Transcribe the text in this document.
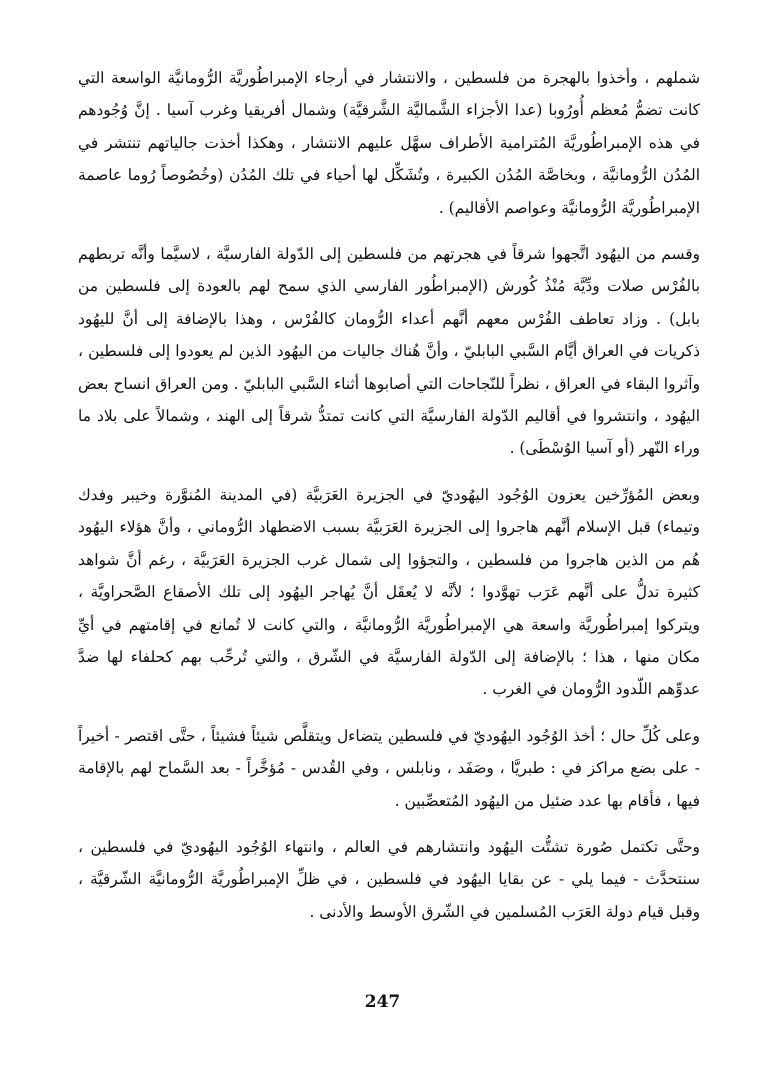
شملهم ، وأخذوا بالهجرة من فلسطين ، والانتشار في أرجاء الإمبراطُوريَّة الرُّومانيَّة الواسعة التي كانت تضمُّ مُعظم أُورُوبا (عدا الأجزاء الشَّماليَّة الشَّرقيَّة) وشمال أفريقيا وغرب آسيا . إنَّ وُجُودهم في هذه الإمبراطُوريَّة المُترامية الأطراف سهَّل عليهم الانتشار ، وهكذا أخذت جالياتهم تنتشر في المُدُن الرُّومانيَّة ، وبخاصَّة المُدُن الكبيرة ، وتُشَكِّل لها أحياء في تلك المُدُن (وخُصُوصاً رُوما عاصمة الإمبراطُوريَّة الرُّومانيَّة وعواصم الأقاليم) .

وقسم من اليهُود اتَّجهوا شرقاً في هجرتهم من فلسطين إلى الدّولة الفارسيَّة ، لاسيَّما وأنَّه تربطهم بالفُرْس صلات ودِّيَّة مُنْذُ كُورش (الإمبراطُور الفارسي الذي سمح لهم بالعودة إلى فلسطين من بابل) . وزاد تعاطف الفُرْس معهم أنَّهم أعداء الرُّومان كالفُرْس ، وهذا بالإضافة إلى أنَّ لليهُود ذكريات في العراق أيَّام السَّبي البابليّ ، وأنَّ هُناك جاليات من اليهُود الذين لم يعودوا إلى فلسطين ، وآثروا البقاء في العراق ، نظراً للنّجاحات التي أصابوها أثناء السَّبي البابليّ . ومن العراق انساح بعض اليهُود ، وانتشروا في أقاليم الدّولة الفارسيَّة التي كانت تمتدُّ شرقاً إلى الهند ، وشمالاً على بلاد ما وراء النّهر (أو آسيا الوُسْطَى) .

وبعض المُؤرِّخين يعزون الوُجُود اليهُوديّ في الجزيرة العَرَبيَّة (في المدينة المُنوَّرة وخيبر وفدك وتيماء) قبل الإسلام أنَّهم هاجروا إلى الجزيرة العَرَبيَّة بسبب الاضطهاد الرُّوماني ، وأنَّ هؤلاء اليهُود هُم من الذين هاجروا من فلسطين ، والتجؤوا إلى شمال غرب الجزيرة العَرَبيَّة ، رغم أنَّ شواهد كثيرة تدلُّ على أنَّهم عَرَب تهوَّدوا ؛ لأنَّه لا يُعقَل أنَّ يُهاجر اليهُود إلى تلك الأصقاع الصَّحراويَّة ، ويتركوا إمبراطُوريَّة واسعة هي الإمبراطُوريَّة الرُّومانيَّة ، والتي كانت لا تُمانع في إقامتهم في أيِّ مكان منها ، هذا ؛ بالإضافة إلى الدّولة الفارسيَّة في الشّرق ، والتي تُرحِّب بهم كحلفاء لها ضدَّ عدوِّهم اللّدود الرُّومان في الغرب .

وعلى كُلِّ حال ؛ أخذ الوُجُود اليهُوديّ في فلسطين يتضاءل ويتقلَّص شيئاً فشيئاً ، حتَّى اقتصر - أخيراً - على بضع مراكز في : طبريَّا ، وصَفَد ، ونابلس ، وفي القُدس - مُؤخَّراً - بعد السَّماح لهم بالإقامة فيها ، فأقام بها عدد ضئيل من اليهُود المُتعصِّبين .

وحتَّى تكتمل صُورة تشتُّت اليهُود وانتشارهم في العالم ، وانتهاء الوُجُود اليهُوديّ في فلسطين ، سنتحدَّث - فيما يلي - عن بقايا اليهُود في فلسطين ، في ظلِّ الإمبراطُوريَّة الرُّومانيَّة الشّرقيَّة ، وقبل قيام دولة العَرَب المُسلمين في الشّرق الأوسط والأدنى .

247
